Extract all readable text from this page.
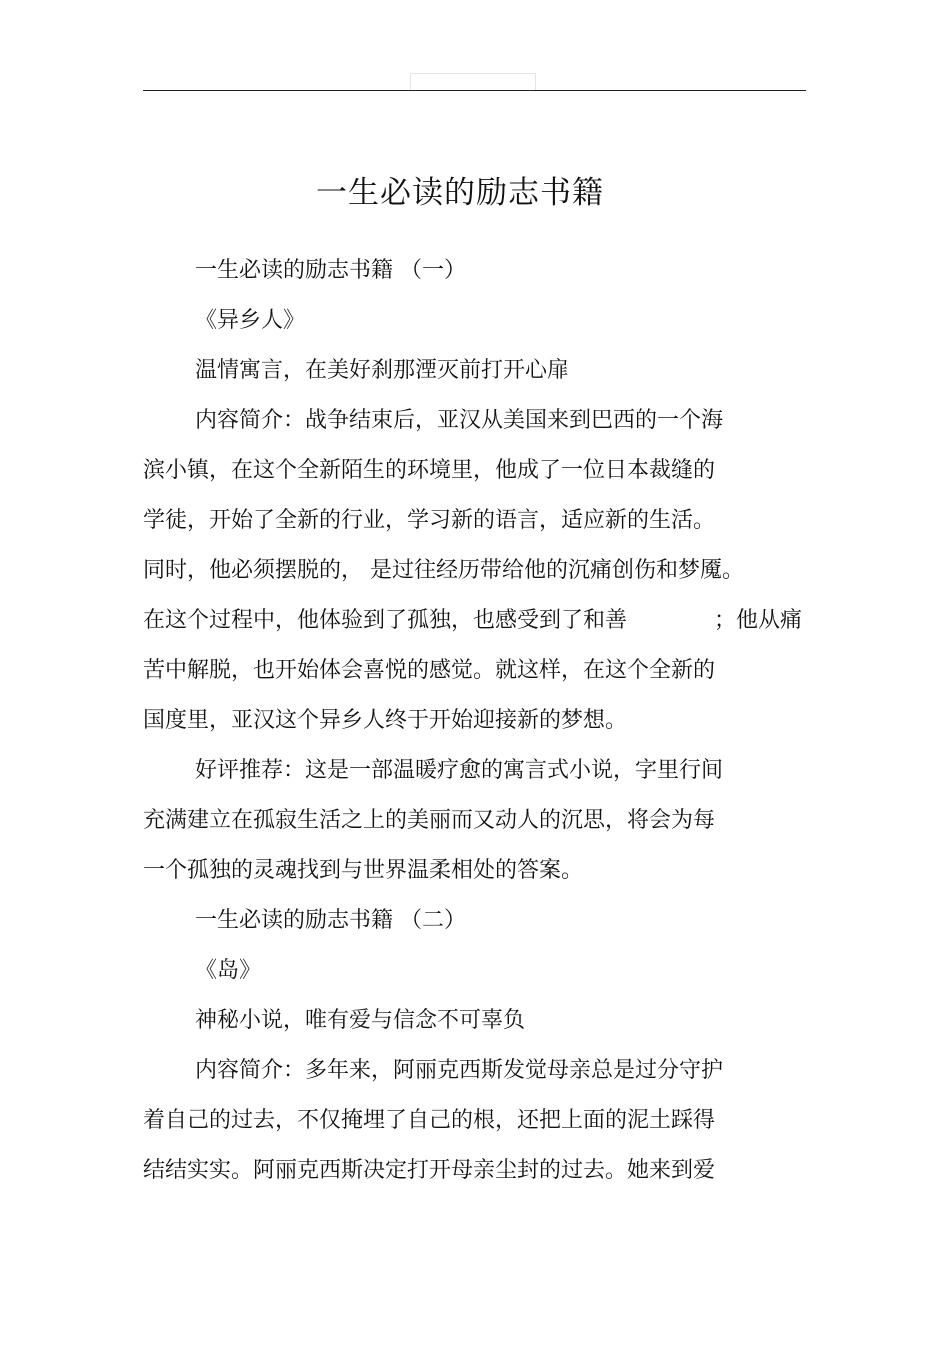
一生必读的励志书籍
一生必读的励志书籍 （一）
《异乡人》
温情寓言，在美好刹那湮灭前打开心扉
内容简介：战争结束后，亚汉从美国来到巴西的一个海
滨小镇，在这个全新陌生的环境里，他成了一位日本裁缝的
学徒，开始了全新的行业，学习新的语言，适应新的生活。
同时，他必须摆脱的， 是过往经历带给他的沉痛创伤和梦魇。
在这个过程中，他体验到了孤独，也感受到了和善	；他从痛
苦中解脱，也开始体会喜悦的感觉。就这样，在这个全新的
国度里，亚汉这个异乡人终于开始迎接新的梦想。
好评推荐：这是一部温暖疗愈的寓言式小说，字里行间
充满建立在孤寂生活之上的美丽而又动人的沉思，将会为每
一个孤独的灵魂找到与世界温柔相处的答案。
一生必读的励志书籍 （二）
《岛》
神秘小说，唯有爱与信念不可辜负
内容简介：多年来，阿丽克西斯发觉母亲总是过分守护
着自己的过去，不仅掩埋了自己的根，还把上面的泥土踩得
结结实实。阿丽克西斯决定打开母亲尘封的过去。她来到爱
